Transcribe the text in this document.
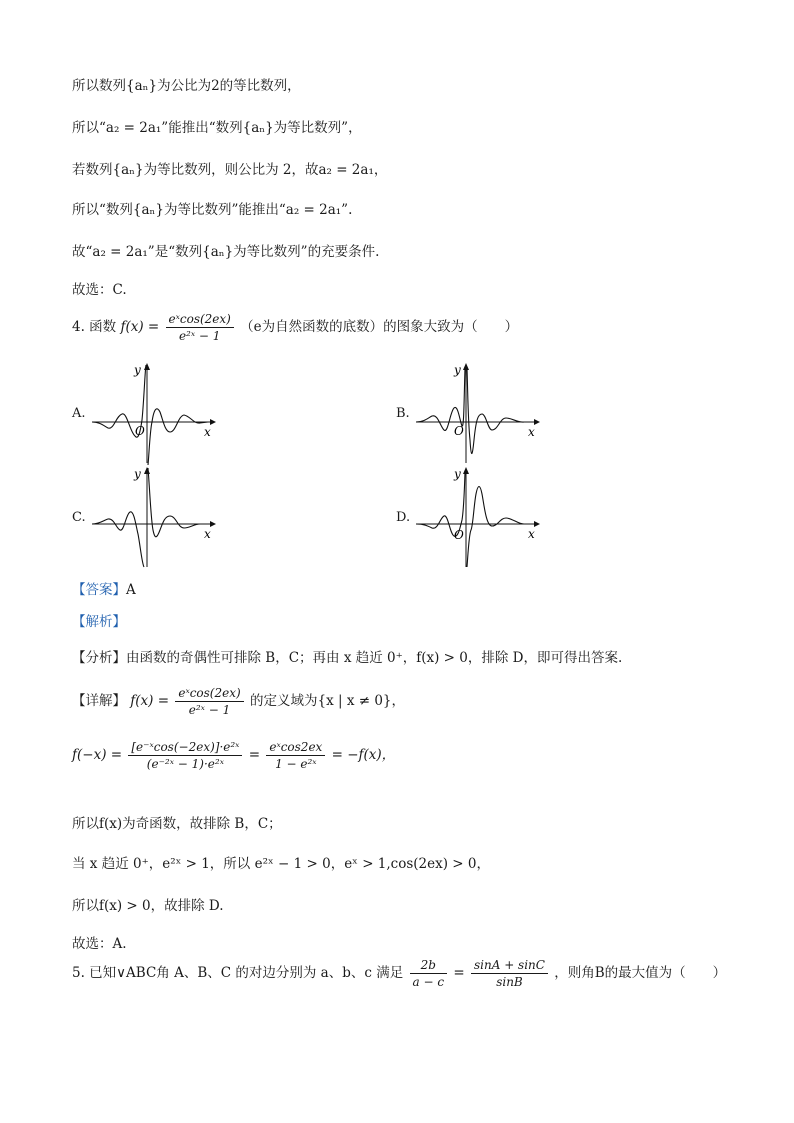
所以数列{aₙ}为公比为2的等比数列，
所以“a₂ = 2a₁”能推出“数列{aₙ}为等比数列”，
若数列{aₙ}为等比数列，则公比为 2，故a₂ = 2a₁，
所以“数列{aₙ}为等比数列”能推出“a₂ = 2a₁”.
故“a₂ = 2a₁”是“数列{aₙ}为等比数列”的充要条件.
故选：C.
4. 函数 $f(x) = \frac{\text{eˣcos(2ex)}}{\text{e²ˣ − 1}} (e$为自然函数的底数）的图象大致为（　　）
A.	B.
C.	D.
y
x
O
y
x
O
y
x
y
x
O
【答案】A
【解析】
【分析】由函数的奇偶性可排除 B，C；再由 x 趋近 0⁺，f(x) > 0，排除 D，即可得出答案.
【详解】 $f(x) = \frac{\text{eˣcos(2ex)}}{\text{e²ˣ − 1}}$ 的定义域为{x | x ≠ 0}，
$f(-x) = \frac{\text{[e⁻ˣcos(−2ex)]·e²ˣ}}{\text{(e⁻²ˣ − 1)·e²ˣ}} = \frac{\text{eˣcos2ex}}{\text{1 − e²ˣ}} = -f(x)$，
所以f(x)为奇函数，故排除 B，C；
当 x 趋近 0⁺，e²ˣ > 1，所以 e²ˣ − 1 > 0，eˣ > 1,cos(2ex) > 0，
所以f(x) > 0，故排除 D.
故选：A.
5. 已知∨ABC角 A、B、C 的对边分别为 a、b、c 满足 $\frac{2b}{a - c} = \frac{\sin A + \sin C}{\sin B}$ ，则角B的最大值为（　　）
